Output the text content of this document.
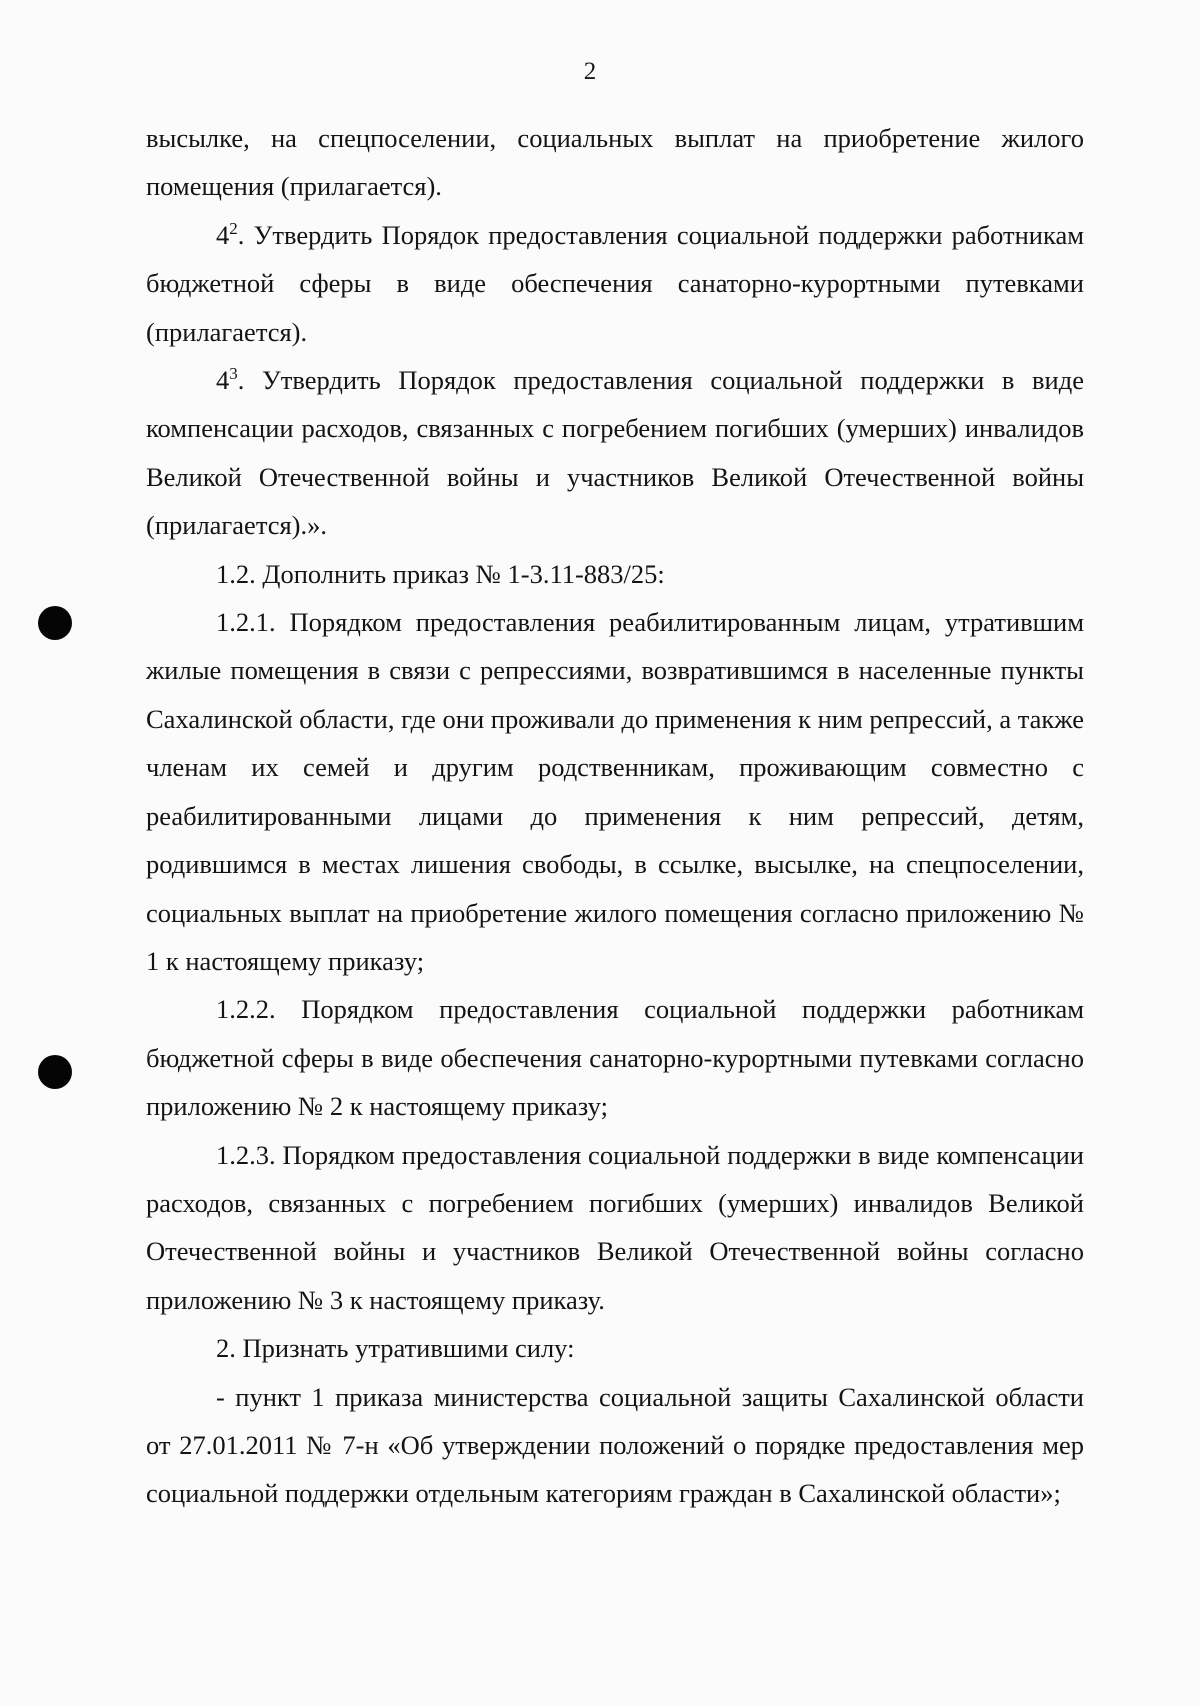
2

высылке, на спецпоселении, социальных выплат на приобретение жилого помещения (прилагается).

$4^2$. Утвердить Порядок предоставления социальной поддержки работникам бюджетной сферы в виде обеспечения санаторно-курортными путевками (прилагается).

$4^3$. Утвердить Порядок предоставления социальной поддержки в виде компенсации расходов, связанных с погребением погибших (умерших) инвалидов Великой Отечественной войны и участников Великой Отечественной войны (прилагается).».

1.2. Дополнить приказ № 1-3.11-883/25:

1.2.1. Порядком предоставления реабилитированным лицам, утратившим жилые помещения в связи с репрессиями, возвратившимся в населенные пункты Сахалинской области, где они проживали до применения к ним репрессий, а также членам их семей и другим родственникам, проживающим совместно с реабилитированными лицами до применения к ним репрессий, детям, родившимся в местах лишения свободы, в ссылке, высылке, на спецпоселении, социальных выплат на приобретение жилого помещения согласно приложению № 1 к настоящему приказу;

1.2.2. Порядком предоставления социальной поддержки работникам бюджетной сферы в виде обеспечения санаторно-курортными путевками согласно приложению № 2 к настоящему приказу;

1.2.3. Порядком предоставления социальной поддержки в виде компенсации расходов, связанных с погребением погибших (умерших) инвалидов Великой Отечественной войны и участников Великой Отечественной войны согласно приложению № 3 к настоящему приказу.

2. Признать утратившими силу:

- пункт 1 приказа министерства социальной защиты Сахалинской области от 27.01.2011 № 7-н «Об утверждении положений о порядке предоставления мер социальной поддержки отдельным категориям граждан в Сахалинской области»;
